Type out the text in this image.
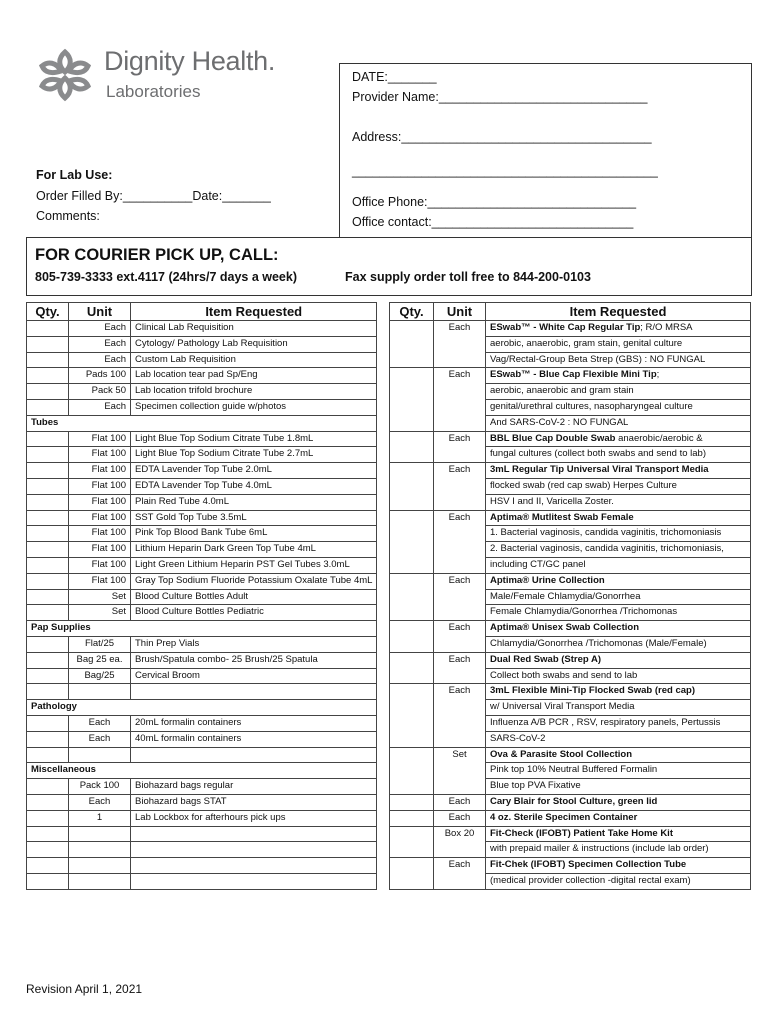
Dignity Health.
Laboratories
DATE:_______
Provider Name:______________________________
Address:____________________________________
____________________________________________
Office Phone:______________________________
Office contact:_____________________________
For Lab Use:
Order Filled By:__________Date:_______
Comments:
FOR COURIER PICK UP, CALL:
805-739-3333 ext.4117 (24hrs/7 days a week)	Fax supply order toll free to 844-200-0103
Qty.	Unit	Item Requested
	Each	Clinical Lab Requisition
	Each	Cytology/ Pathology Lab Requisition
	Each	Custom Lab Requisition
	Pads 100	Lab location tear pad Sp/Eng
	Pack 50	Lab location trifold brochure
	Each	Specimen collection guide w/photos
Tubes		
	Flat 100	Light Blue Top Sodium Citrate Tube 1.8mL
	Flat 100	Light Blue Top Sodium Citrate Tube 2.7mL
	Flat 100	EDTA Lavender Top Tube 2.0mL
	Flat 100	EDTA Lavender Top Tube 4.0mL
	Flat 100	Plain Red Tube 4.0mL
	Flat 100	SST Gold Top Tube 3.5mL
	Flat 100	Pink Top Blood Bank Tube 6mL
	Flat 100	Lithium Heparin Dark Green Top Tube 4mL
	Flat 100	Light Green Lithium Heparin PST Gel Tubes 3.0mL
	Flat 100	Gray Top Sodium Fluoride Potassium Oxalate Tube 4mL
	Set	Blood Culture Bottles Adult
	Set	Blood Culture Bottles Pediatric
Pap Supplies		
	Flat/25	Thin Prep Vials
	Bag 25 ea.	Brush/Spatula combo- 25 Brush/25 Spatula
	Bag/25	Cervical Broom

Pathology		
	Each	20mL formalin containers
	Each	40mL formalin containers

Miscellaneous		
	Pack 100	Biohazard bags regular
	Each	Biohazard bags STAT
	1	Lab Lockbox for afterhours pick ups

Qty.	Unit	Item Requested
	Each	ESwab™ - White Cap Regular Tip; R/O MRSA
		aerobic, anaerobic, gram stain, genital culture
		Vag/Rectal-Group Beta Strep (GBS) : NO FUNGAL
	Each	ESwab™ - Blue Cap Flexible Mini Tip;
		aerobic, anaerobic and gram stain
		genital/urethral cultures, nasopharyngeal culture
		And SARS-CoV-2 : NO FUNGAL
	Each	BBL Blue Cap Double Swab anaerobic/aerobic &
		fungal cultures (collect both swabs and send to lab)
	Each	3mL Regular Tip Universal Viral Transport Media
		flocked swab (red cap swab) Herpes Culture
		HSV I and II, Varicella Zoster.
	Each	Aptima® Mutlitest Swab Female
		1. Bacterial vaginosis, candida vaginitis, trichomoniasis
		2. Bacterial vaginosis, candida vaginitis, trichomoniasis,
		including CT/GC panel
	Each	Aptima® Urine Collection
		Male/Female Chlamydia/Gonorrhea
		Female Chlamydia/Gonorrhea /Trichomonas
	Each	Aptima® Unisex Swab Collection
		Chlamydia/Gonorrhea /Trichomonas (Male/Female)
	Each	Dual Red Swab (Strep A)
		Collect both swabs and send to lab
	Each	3mL Flexible Mini-Tip Flocked Swab (red cap)
		w/ Universal Viral Transport Media
		Influenza A/B PCR , RSV, respiratory panels, Pertussis
		SARS-CoV-2
	Set	Ova & Parasite Stool Collection
		Pink top 10% Neutral Buffered Formalin
		Blue top PVA Fixative
	Each	Cary Blair for Stool Culture, green lid
	Each	4 oz. Sterile Specimen Container
	Box 20	Fit-Check (IFOBT) Patient Take Home Kit
		with prepaid mailer & instructions (include lab order)
	Each	Fit-Chek (IFOBT) Specimen Collection Tube
		(medical provider collection -digital rectal exam)
Revision April 1, 2021
